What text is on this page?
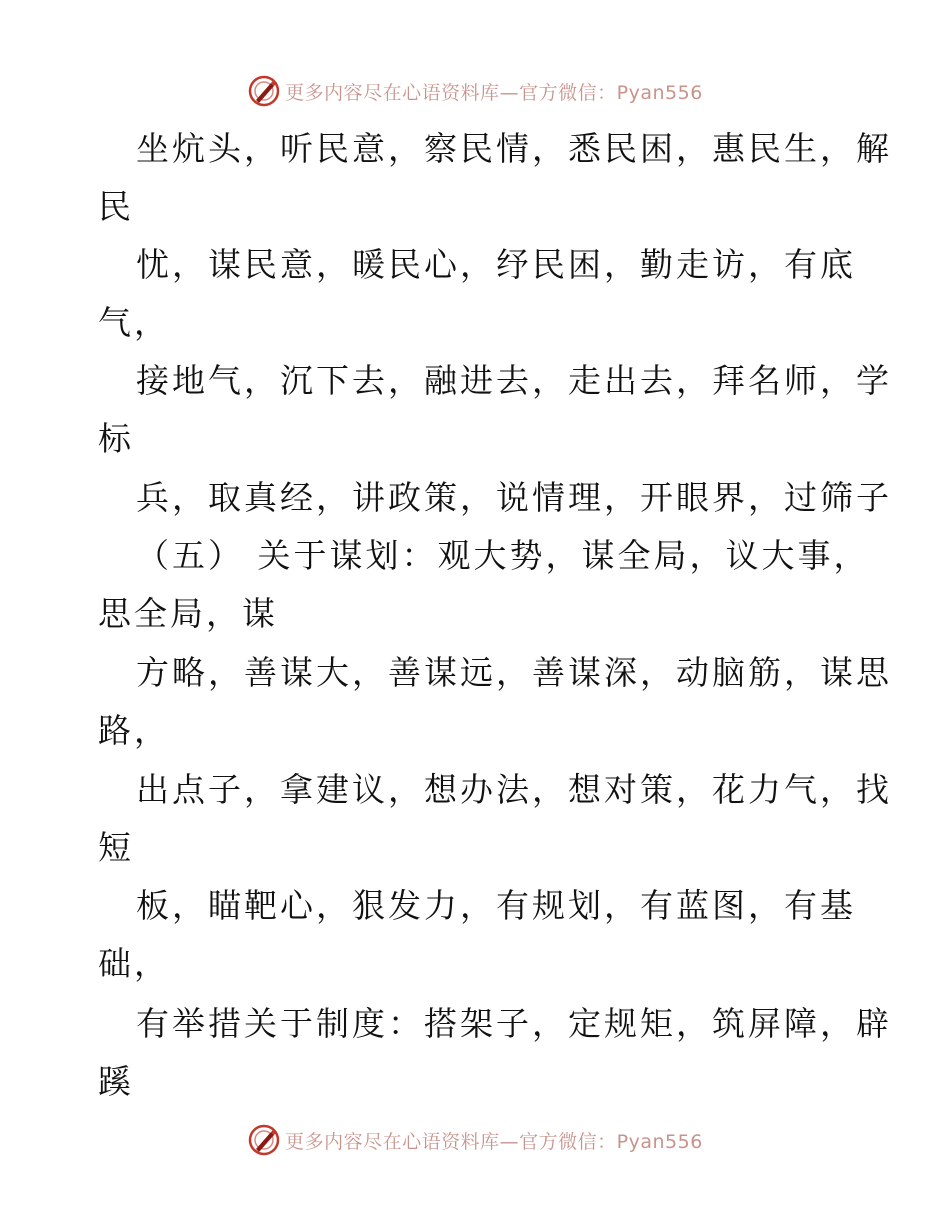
更多内容尽在心语资料库—官方微信：Pyan556
坐炕头，听民意，察民情，悉民困，惠民生，解
民
忧，谋民意，暖民心，纾民困，勤走访，有底
气，
接地气，沉下去，融进去，走出去，拜名师，学
标
兵，取真经，讲政策，说情理，开眼界，过筛子
（五） 关于谋划：观大势，谋全局，议大事，
思全局，谋
方略，善谋大，善谋远，善谋深，动脑筋，谋思
路，
出点子，拿建议，想办法，想对策，花力气，找
短
板，瞄靶心，狠发力，有规划，有蓝图，有基
础，
有举措关于制度：搭架子，定规矩，筑屏障，辟
蹊
更多内容尽在心语资料库—官方微信：Pyan556
